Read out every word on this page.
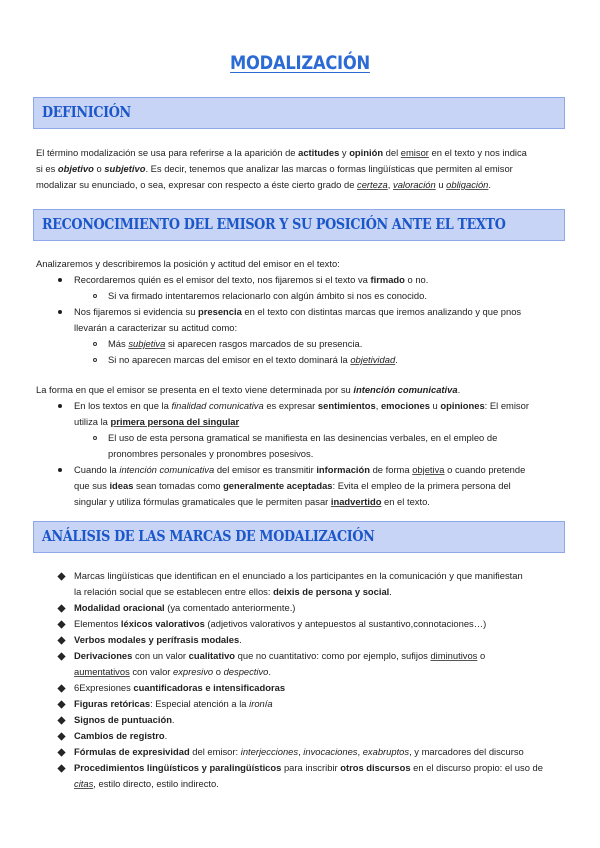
MODALIZACIÓN
DEFINICIÓN
El término modalización se usa para referirse a la aparición de actitudes y opinión del emisor en el texto y nos indica
si es objetivo o subjetivo. Es decir, tenemos que analizar las marcas o formas lingüísticas que permiten al emisor
modalizar su enunciado, o sea, expresar con respecto a éste cierto grado de certeza, valoración u obligación.
RECONOCIMIENTO DEL EMISOR Y SU POSICIÓN ANTE EL TEXTO
Analizaremos y describiremos la posición y actitud del emisor en el texto:
Recordaremos quién es el emisor del texto, nos fijaremos si el texto va firmado o no.
Si va firmado intentaremos relacionarlo con algún ámbito si nos es conocido.
Nos fijaremos si evidencia su presencia en el texto con distintas marcas que iremos analizando y que pnos
llevarán a caracterizar su actitud como:
Más subjetiva si aparecen rasgos marcados de su presencia.
Si no aparecen marcas del emisor en el texto dominará la objetividad.
La forma en que el emisor se presenta en el texto viene determinada por su intención comunicativa.
En los textos en que la finalidad comunicativa es expresar sentimientos, emociones u opiniones: El emisor
utiliza la primera persona del singular
El uso de esta persona gramatical se manifiesta en las desinencias verbales, en el empleo de
pronombres personales y pronombres posesivos.
Cuando la intención comunicativa del emisor es transmitir información de forma objetiva o cuando pretende
que sus ideas sean tomadas como generalmente aceptadas: Evita el empleo de la primera persona del
singular y utiliza fórmulas gramaticales que le permiten pasar inadvertido en el texto.
ANÁLISIS DE LAS MARCAS DE MODALIZACIÓN
Marcas lingüísticas que identifican en el enunciado a los participantes en la comunicación y que manifiestan
la relación social que se establecen entre ellos: deixis de persona y social.
Modalidad oracional (ya comentado anteriormente.)
Elementos léxicos valorativos (adjetivos valorativos y antepuestos al sustantivo,connotaciones…)
Verbos modales y perífrasis modales.
Derivaciones con un valor cualitativo que no cuantitativo: como por ejemplo, sufijos diminutivos o
aumentativos con valor expresivo o despectivo.
6Expresiones cuantificadoras e intensificadoras
Figuras retóricas: Especial atención a la ironía
Signos de puntuación.
Cambios de registro.
Fórmulas de expresividad del emisor: interjecciones, invocaciones, exabruptos, y marcadores del discurso
Procedimientos lingüísticos y paralingüísticos para inscribir otros discursos en el discurso propio: el uso de
citas, estilo directo, estilo indirecto.
